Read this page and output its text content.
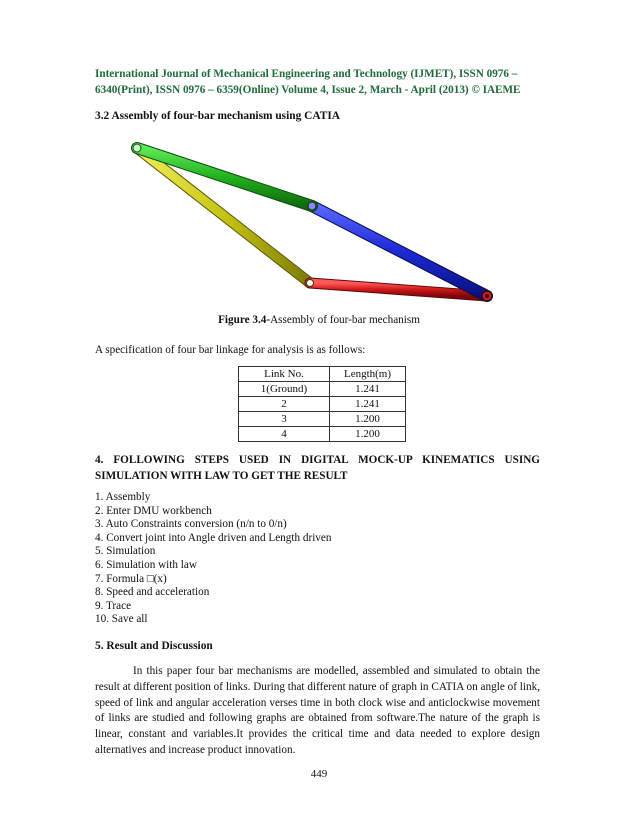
International Journal of Mechanical Engineering and Technology (IJMET), ISSN 0976 –
6340(Print), ISSN 0976 – 6359(Online) Volume 4, Issue 2, March - April (2013) © IAEME
3.2 Assembly of four-bar mechanism using CATIA
Figure 3.4-Assembly of four-bar mechanism
A specification of four bar linkage for analysis is as follows:
Link No.	Length(m)
1(Ground)	1.241
2	1.241
3	1.200
4	1.200
4. FOLLOWING STEPS USED IN DIGITAL MOCK-UP KINEMATICS USING SIMULATION WITH LAW TO GET THE RESULT
1. Assembly
2. Enter DMU workbench
3. Auto Constraints conversion (n/n to 0/n)
4. Convert joint into Angle driven and Length driven
5. Simulation
6. Simulation with law
7. Formula □(x)
8. Speed and acceleration
9. Trace
10. Save all
5. Result and Discussion
In this paper four bar mechanisms are modelled, assembled and simulated to obtain the result at different position of links. During that different nature of graph in CATIA on angle of link, speed of link and angular acceleration verses time in both clock wise and anticlockwise movement of links are studied and following graphs are obtained from software.The nature of the graph is linear, constant and variables.It provides the critical time and data needed to explore design alternatives and increase product innovation.
449
